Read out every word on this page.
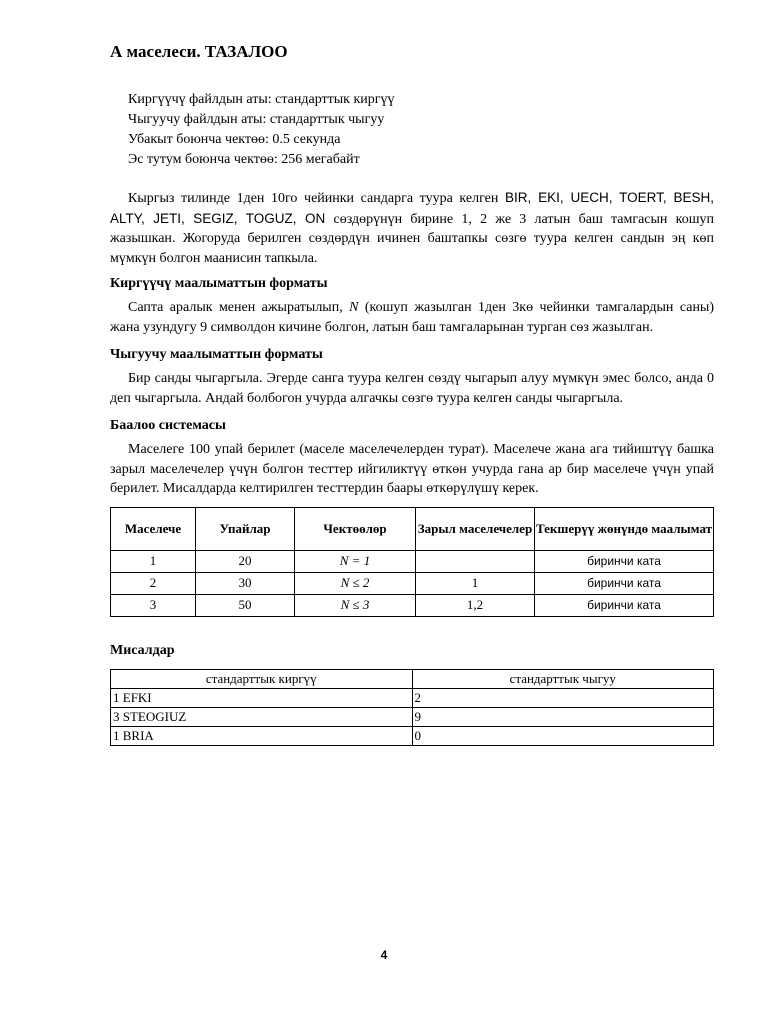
А маселеси. ТАЗАЛОО
Киргүүчү файлдын аты: стандарттык киргүү
Чыгуучу файлдын аты: стандарттык чыгуу
Убакыт боюнча чектөө: 0.5 секунда
Эс тутум боюнча чектөө: 256 мегабайт

Кыргыз тилинде 1ден 10го чейинки сандарга туура келген BIR, EKI, UECH, TOERT, BESH, ALTY, JETI, SEGIZ, TOGUZ, ON сөздөрүнүн бирине 1, 2 же 3 латын баш тамгасын кошуп жазышкан. Жогоруда берилген сөздөрдүн ичинен баштапкы сөзгө туура келген сандын эң көп мүмкүн болгон маанисин тапкыла.

Киргүүчү маалыматтын форматы

Сапта аралык менен ажыратылып, N (кошуп жазылган 1ден 3кө чейинки тамгалардын саны) жана узундугу 9 символдон кичине болгон, латын баш тамгаларынан турган сөз жазылган.

Чыгуучу маалыматтын форматы

Бир санды чыгаргыла. Эгерде санга туура келген сөздү чыгарып алуу мүмкүн эмес болсо, анда 0 деп чыгаргыла. Андай болбогон учурда алгачкы сөзгө туура келген санды чыгаргыла.

Баалоо системасы

Маселеге 100 упай берилет (масeле маселечелерден турат). Маселече жана ага тийиштүү башка зарыл маселечелер үчүн болгон тесттер ийгиликтүү өткөн учурда гана ар бир маселече үчүн упай берилет. Мисалдарда келтирилген тесттердин баары өткөрүлүшү керек.

Маселече	Упайлар	Чектөөлөр	Зарыл маселечелер	Текшерүү жөнүндө маалымат
1	20	N = 1		биринчи ката
2	30	N ≤ 2	1	биринчи ката
3	50	N ≤ 3	1,2	биринчи ката
Мисалдар
стандарттык киргүү	стандарттык чыгуу
1 EFKI	2
3 STEOGIUZ	9
1 BRIA	0
4
